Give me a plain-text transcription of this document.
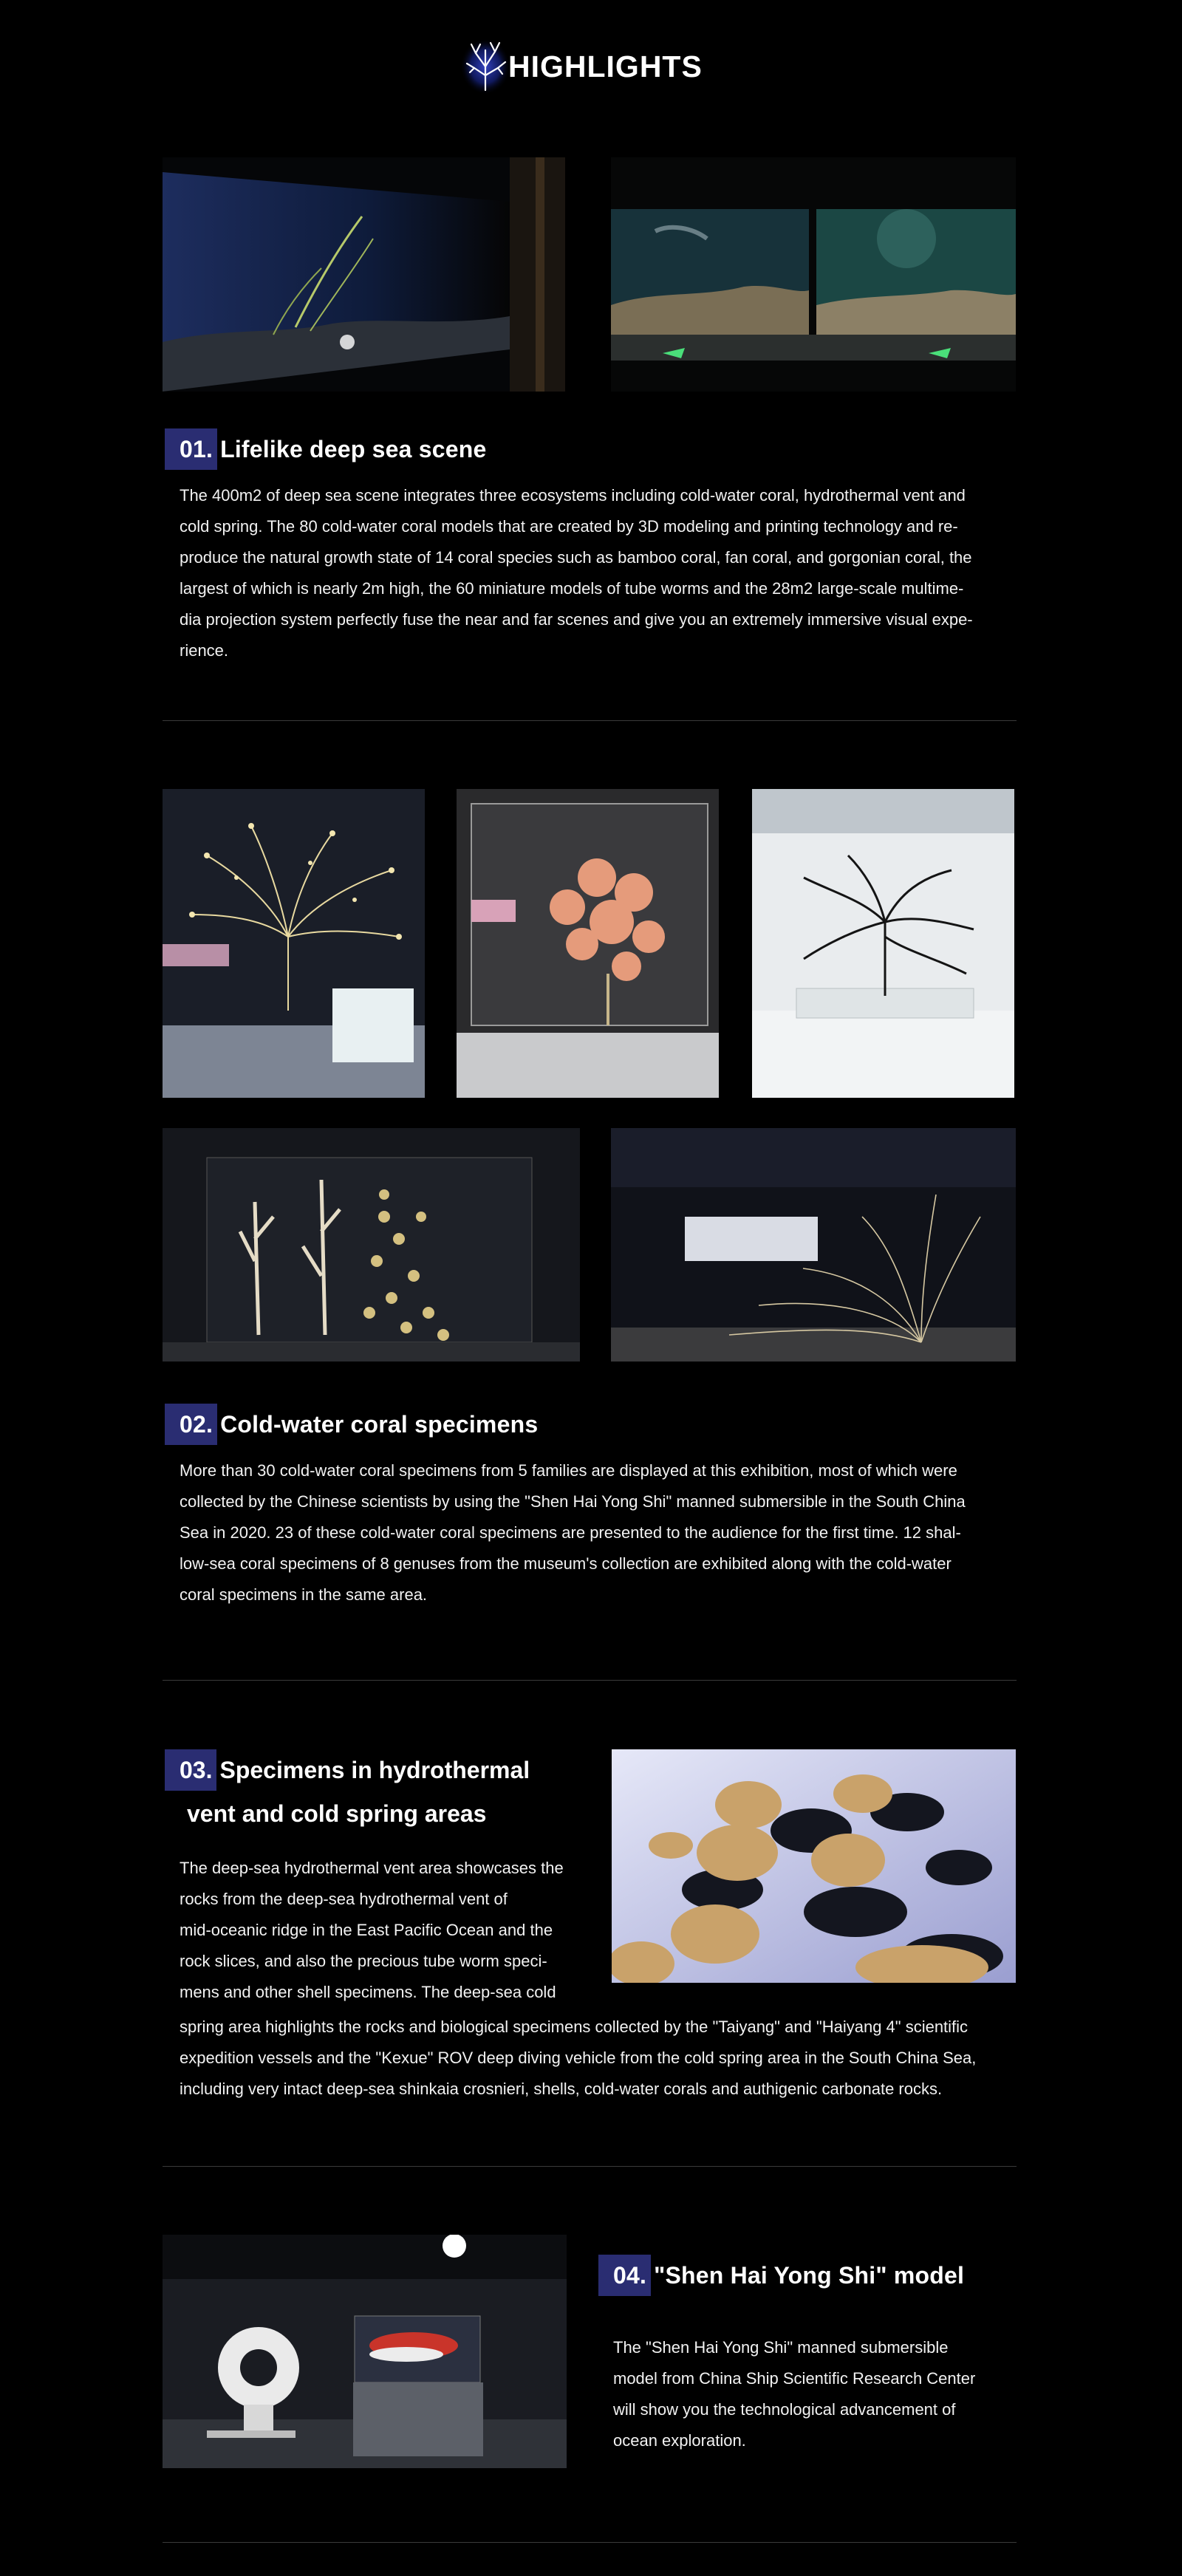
HIGHLIGHTS
01. Lifelike deep sea scene
The 400m2 of deep sea scene integrates three ecosystems including cold-water coral, hydrothermal vent and
cold spring. The 80 cold-water coral models that are created by 3D modeling and printing technology and re-
produce the natural growth state of 14 coral species such as bamboo coral, fan coral, and gorgonian coral, the
largest of which is nearly 2m high, the 60 miniature models of tube worms and the 28m2 large-scale multime-
dia projection system perfectly fuse the near and far scenes and give you an extremely immersive visual expe-
rience.
02. Cold-water coral specimens
More than 30 cold-water coral specimens from 5 families are displayed at this exhibition, most of which were
collected by the Chinese scientists by using the "Shen Hai Yong Shi" manned submersible in the South China
Sea in 2020. 23 of these cold-water coral specimens are presented to the audience for the first time. 12 shal-
low-sea coral specimens of 8 genuses from the museum's collection are exhibited along with the cold-water
coral specimens in the same area.
03. Specimens in hydrothermal
vent and cold spring areas
The deep-sea hydrothermal vent area showcases the
rocks from the deep-sea hydrothermal vent of
mid-oceanic ridge in the East Pacific Ocean and the
rock slices, and also the precious tube worm speci-
mens and other shell specimens. The deep-sea cold
spring area highlights the rocks and biological specimens collected by the "Taiyang" and "Haiyang 4" scientific
expedition vessels and the "Kexue" ROV deep diving vehicle from the cold spring area in the South China Sea,
including very intact deep-sea shinkaia crosnieri, shells, cold-water corals and authigenic carbonate rocks.
04. "Shen Hai Yong Shi" model
The "Shen Hai Yong Shi" manned submersible
model from China Ship Scientific Research Center
will show you the technological advancement of
ocean exploration.
